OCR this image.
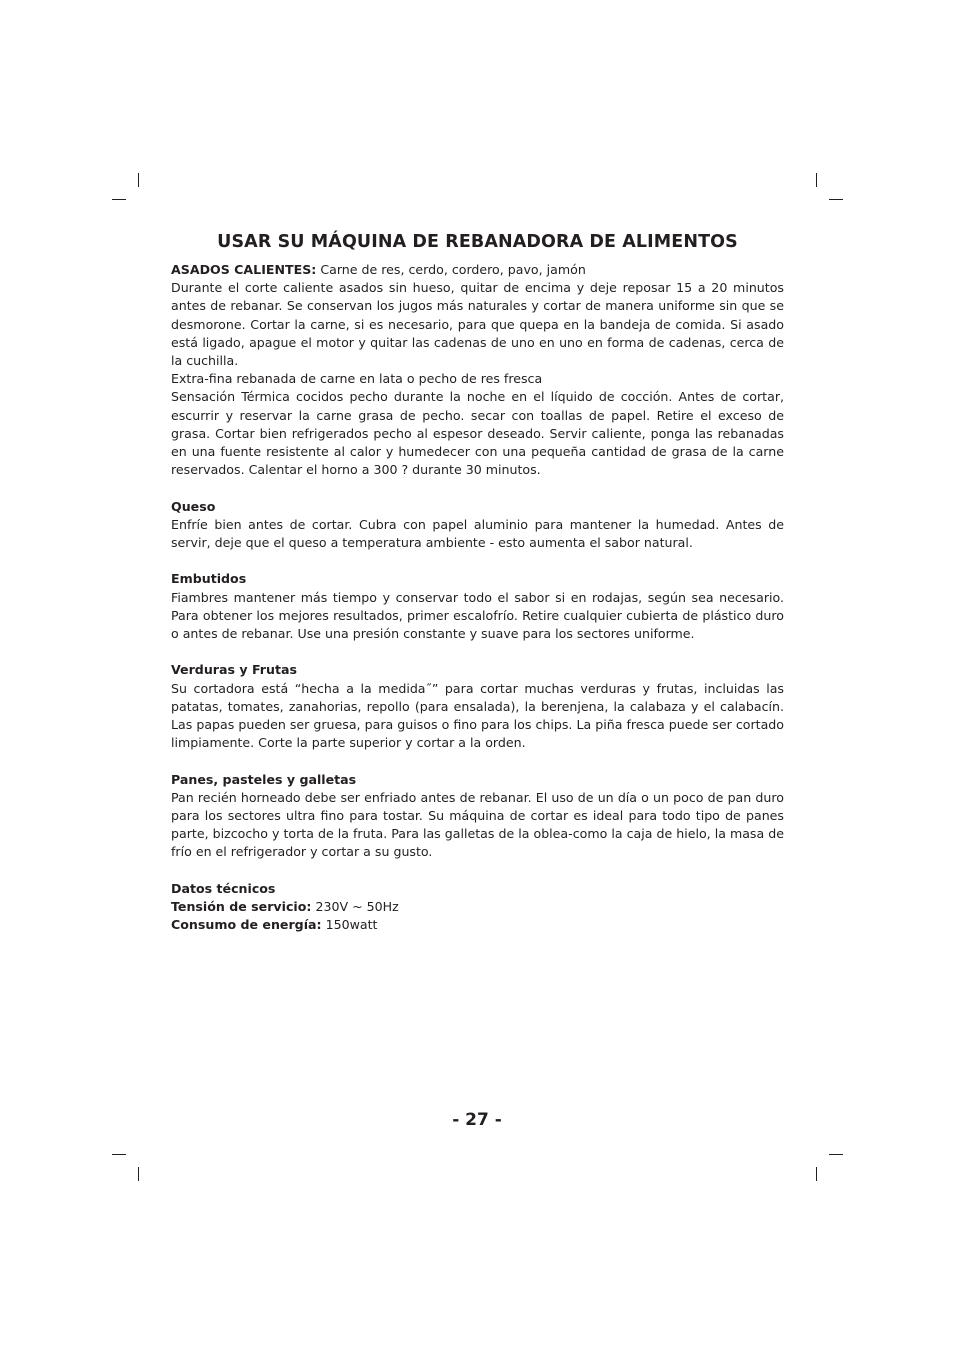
USAR SU MÁQUINA DE REBANADORA DE ALIMENTOS

ASADOS CALIENTES: Carne de res, cerdo, cordero, pavo, jamón

Durante el corte caliente asados sin hueso, quitar de encima y deje reposar 15 a 20 minutos antes de rebanar. Se conservan los jugos más naturales y cortar de manera uniforme sin que se desmorone. Cortar la carne, si es necesario, para que quepa en la bandeja de comida. Si asado está ligado, apague el motor y quitar las cadenas de uno en uno en forma de cadenas, cerca de la cuchilla.

Extra-fina rebanada de carne en lata o pecho de res fresca

Sensación Térmica cocidos pecho durante la noche en el líquido de cocción. Antes de cortar, escurrir y reservar la carne grasa de pecho. secar con toallas de papel. Retire el exceso de grasa. Cortar bien refrigerados pecho al espesor deseado. Servir caliente, ponga las rebanadas en una fuente resistente al calor y humedecer con una pequeña cantidad de grasa de la carne reservados. Calentar el horno a 300 ? durante 30 minutos.

Queso

Enfríe bien antes de cortar. Cubra con papel aluminio para mantener la humedad. Antes de servir, deje que el queso a temperatura ambiente - esto aumenta el sabor natural.

Embutidos

Fiambres mantener más tiempo y conservar todo el sabor si en rodajas, según sea necesario. Para obtener los mejores resultados, primer escalofrío. Retire cualquier cubierta de plástico duro o antes de rebanar. Use una presión constante y suave para los sectores uniforme.

Verduras y Frutas

Su cortadora está “hecha a la medida˝” para cortar muchas verduras y frutas, incluidas las patatas, tomates, zanahorias, repollo (para ensalada), la berenjena, la calabaza y el calabacín. Las papas pueden ser gruesa, para guisos o fino para los chips. La piña fresca puede ser cortado limpiamente. Corte la parte superior y cortar a la orden.

Panes, pasteles y galletas

Pan recién horneado debe ser enfriado antes de rebanar. El uso de un día o un poco de pan duro para los sectores ultra fino para tostar. Su máquina de cortar es ideal para todo tipo de panes parte, bizcocho y torta de la fruta. Para las galletas de la oblea-como la caja de hielo, la masa de frío en el refrigerador y cortar a su gusto.

Datos técnicos

Tensión de servicio: 230V ~ 50Hz

Consumo de energía: 150watt

- 27 -
